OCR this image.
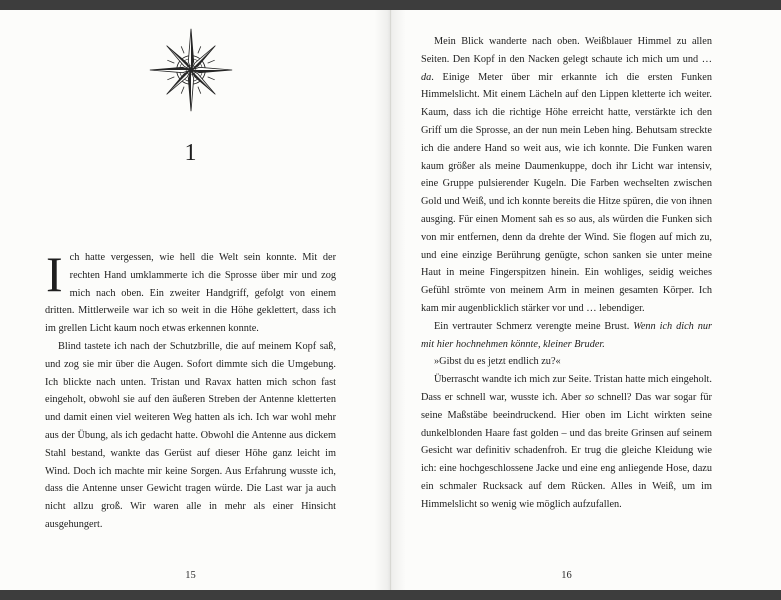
1

Ich hatte vergessen, wie hell die Welt sein konnte. Mit der rechten Hand umklammerte ich die Sprosse über mir und zog mich nach oben. Ein zweiter Handgriff, gefolgt von einem dritten. Mittlerweile war ich so weit in die Höhe geklettert, dass ich im grellen Licht kaum noch etwas erkennen konnte.

Blind tastete ich nach der Schutzbrille, die auf meinem Kopf saß, und zog sie mir über die Augen. Sofort dimmte sich die Umgebung. Ich blickte nach unten. Tristan und Ravax hatten mich schon fast eingeholt, obwohl sie auf den äußeren Streben der Antenne kletterten und damit einen viel weiteren Weg hatten als ich. Ich war wohl mehr aus der Übung, als ich gedacht hatte. Obwohl die Antenne aus dickem Stahl bestand, wankte das Gerüst auf dieser Höhe ganz leicht im Wind. Doch ich machte mir keine Sorgen. Aus Erfahrung wusste ich, dass die Antenne unser Gewicht tragen würde. Die Last war ja auch nicht allzu groß. Wir waren alle in mehr als einer Hinsicht ausgehungert.

15

Mein Blick wanderte nach oben. Weißblauer Himmel zu allen Seiten. Den Kopf in den Nacken gelegt schaute ich mich um und … da. Einige Meter über mir erkannte ich die ersten Funken Himmelslicht. Mit einem Lächeln auf den Lippen kletterte ich weiter. Kaum, dass ich die richtige Höhe erreicht hatte, verstärkte ich den Griff um die Sprosse, an der nun mein Leben hing. Behutsam streckte ich die andere Hand so weit aus, wie ich konnte. Die Funken waren kaum größer als meine Daumenkuppe, doch ihr Licht war intensiv, eine Gruppe pulsierender Kugeln. Die Farben wechselten zwischen Gold und Weiß, und ich konnte bereits die Hitze spüren, die von ihnen ausging. Für einen Moment sah es so aus, als würden die Funken sich von mir entfernen, denn da drehte der Wind. Sie flogen auf mich zu, und eine einzige Berührung genügte, schon sanken sie unter meine Haut in meine Fingerspitzen hinein. Ein wohliges, seidig weiches Gefühl strömte von meinem Arm in meinen gesamten Körper. Ich kam mir augenblicklich stärker vor und … lebendiger.

Ein vertrauter Schmerz verengte meine Brust. Wenn ich dich nur mit hier hochnehmen könnte, kleiner Bruder.

»Gibst du es jetzt endlich zu?«

Überrascht wandte ich mich zur Seite. Tristan hatte mich eingeholt. Dass er schnell war, wusste ich. Aber so schnell? Das war sogar für seine Maßstäbe beeindruckend. Hier oben im Licht wirkten seine dunkelblonden Haare fast golden – und das breite Grinsen auf seinem Gesicht war definitiv schadenfroh. Er trug die gleiche Kleidung wie ich: eine hochgeschlossene Jacke und eine eng anliegende Hose, dazu ein schmaler Rucksack auf dem Rücken. Alles in Weiß, um im Himmelslicht so wenig wie möglich aufzufallen.

16
